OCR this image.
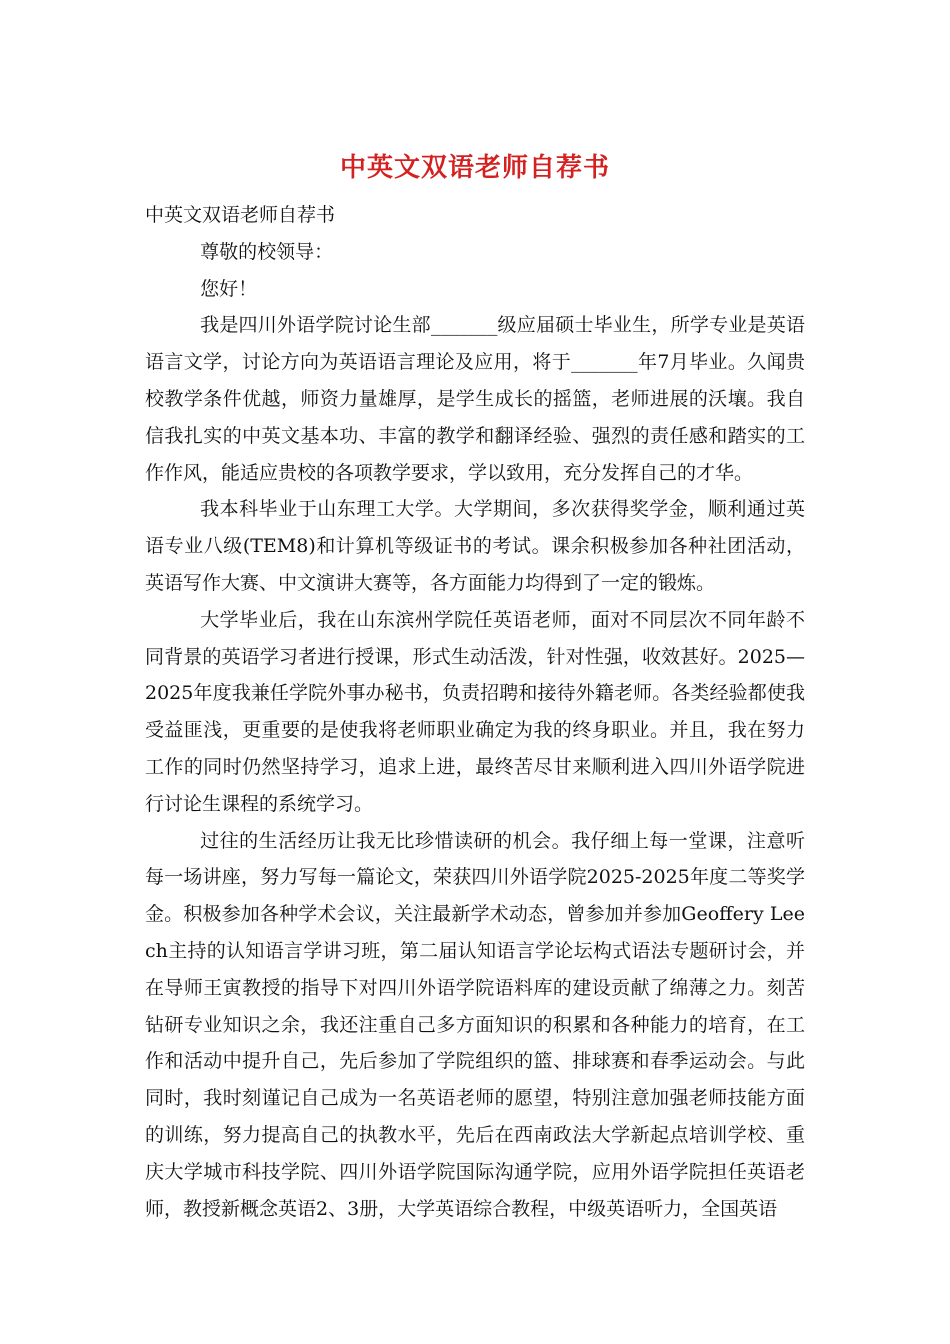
中英文双语老师自荐书

中英文双语老师自荐书

尊敬的校领导：

您好！

我是四川外语学院讨论生部_______级应届硕士毕业生，所学专业是英语语言文学，讨论方向为英语语言理论及应用，将于_______年7月毕业。久闻贵校教学条件优越，师资力量雄厚，是学生成长的摇篮，老师进展的沃壤。我自信我扎实的中英文基本功、丰富的教学和翻译经验、强烈的责任感和踏实的工作作风，能适应贵校的各项教学要求，学以致用，充分发挥自己的才华。

我本科毕业于山东理工大学。大学期间，多次获得奖学金，顺利通过英语专业八级(TEM8)和计算机等级证书的考试。课余积极参加各种社团活动，英语写作大赛、中文演讲大赛等，各方面能力均得到了一定的锻炼。

大学毕业后，我在山东滨州学院任英语老师，面对不同层次不同年龄不同背景的英语学习者进行授课，形式生动活泼，针对性强，收效甚好。2025—2025年度我兼任学院外事办秘书，负责招聘和接待外籍老师。各类经验都使我受益匪浅，更重要的是使我将老师职业确定为我的终身职业。并且，我在努力工作的同时仍然坚持学习，追求上进，最终苦尽甘来顺利进入四川外语学院进行讨论生课程的系统学习。

过往的生活经历让我无比珍惜读研的机会。我仔细上每一堂课，注意听每一场讲座，努力写每一篇论文，荣获四川外语学院2025-2025年度二等奖学金。积极参加各种学术会议，关注最新学术动态，曾参加并参加Geoffery Leech主持的认知语言学讲习班，第二届认知语言学论坛构式语法专题研讨会，并在导师王寅教授的指导下对四川外语学院语料库的建设贡献了绵薄之力。刻苦钻研专业知识之余，我还注重自己多方面知识的积累和各种能力的培育，在工作和活动中提升自己，先后参加了学院组织的篮、排球赛和春季运动会。与此同时，我时刻谨记自己成为一名英语老师的愿望，特别注意加强老师技能方面的训练，努力提高自己的执教水平，先后在西南政法大学新起点培训学校、重庆大学城市科技学院、四川外语学院国际沟通学院，应用外语学院担任英语老师，教授新概念英语2、3册，大学英语综合教程，中级英语听力，全国英语
